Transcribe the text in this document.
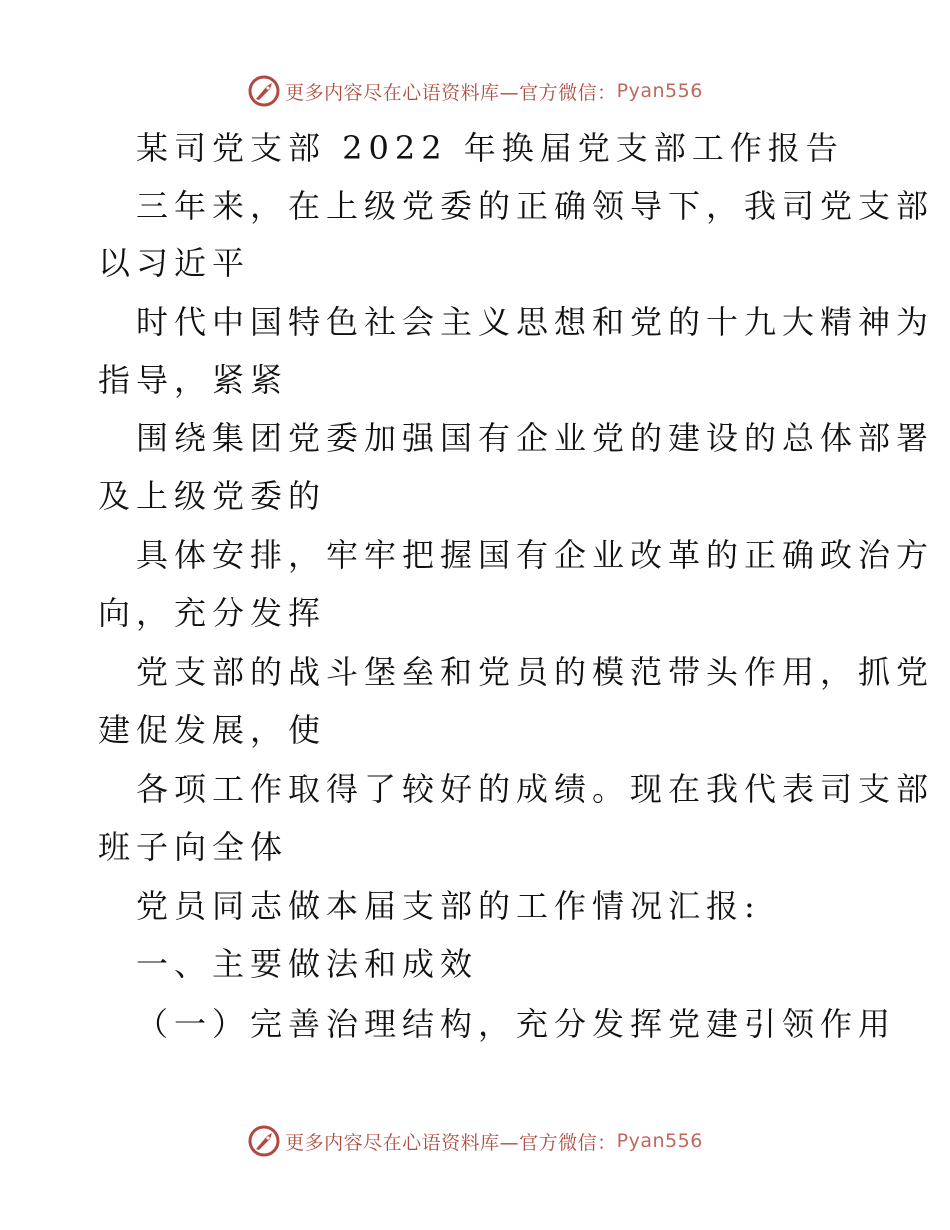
更多内容尽在心语资料库—官方微信： Pyan556
某司党支部 2022 年换届党支部工作报告
三年来，在上级党委的正确领导下，我司党支部
以习近平
时代中国特色社会主义思想和党的十九大精神为
指导，紧紧
围绕集团党委加强国有企业党的建设的总体部署
及上级党委的
具体安排，牢牢把握国有企业改革的正确政治方
向，充分发挥
党支部的战斗堡垒和党员的模范带头作用，抓党
建促发展，使
各项工作取得了较好的成绩。现在我代表司支部
班子向全体
党员同志做本届支部的工作情况汇报:
一、主要做法和成效
（一）完善治理结构，充分发挥党建引领作用
更多内容尽在心语资料库—官方微信： Pyan556
